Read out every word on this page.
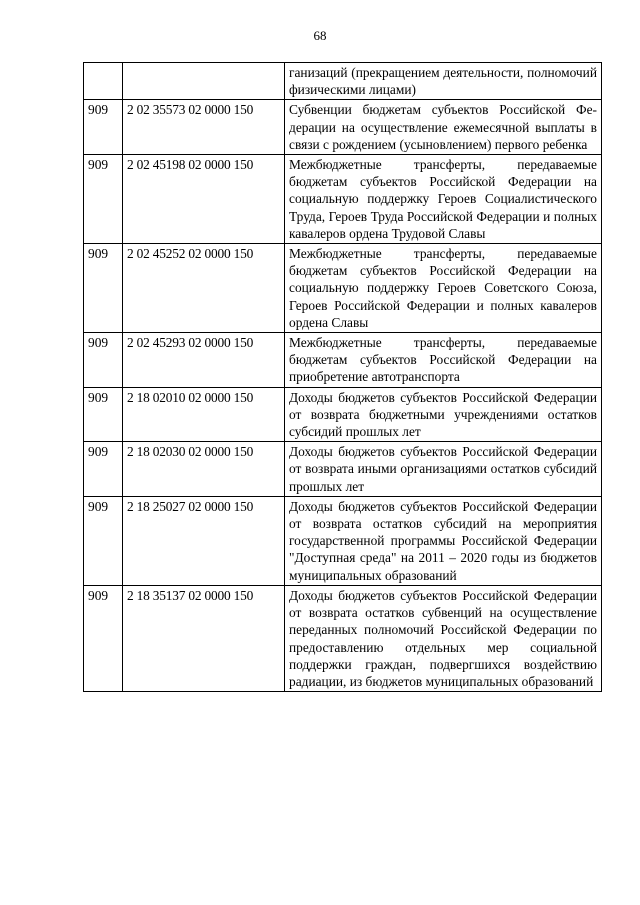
68
		ганизаций (прекращением деятельности, полномочий физическими лицами)
909	2 02 35573 02 0000 150	Субвенции бюджетам субъектов Российской Федерации на осуществление ежемесячной выплаты в связи с рождением (усыновлением) первого ребенка
909	2 02 45198 02 0000 150	Межбюджетные трансферты, передаваемые бюджетам субъектов Российской Федерации на социальную поддержку Героев Социалистического Труда, Героев Труда Российской Федерации и полных кавалеров ордена Трудовой Славы
909	2 02 45252 02 0000 150	Межбюджетные трансферты, передаваемые бюджетам субъектов Российской Федерации на социальную поддержку Героев Советского Союза, Героев Российской Федерации и полных кавалеров ордена Славы
909	2 02 45293 02 0000 150	Межбюджетные трансферты, передаваемые бюджетам субъектов Российской Федерации на приобретение автотранспорта
909	2 18 02010 02 0000 150	Доходы бюджетов субъектов Российской Федерации от возврата бюджетными учреждениями остатков субсидий прошлых лет
909	2 18 02030 02 0000 150	Доходы бюджетов субъектов Российской Федерации от возврата иными организациями остатков субсидий прошлых лет
909	2 18 25027 02 0000 150	Доходы бюджетов субъектов Российской Федерации от возврата остатков субсидий на мероприятия государственной программы Российской Федерации "Доступная среда" на 2011 – 2020 годы из бюджетов муниципальных образований
909	2 18 35137 02 0000 150	Доходы бюджетов субъектов Российской Федерации от возврата остатков субвенций на осуществление переданных полномочий Российской Федерации по предоставлению отдельных мер социальной поддержки граждан, подвергшихся воздействию радиации, из бюджетов муниципальных образований
